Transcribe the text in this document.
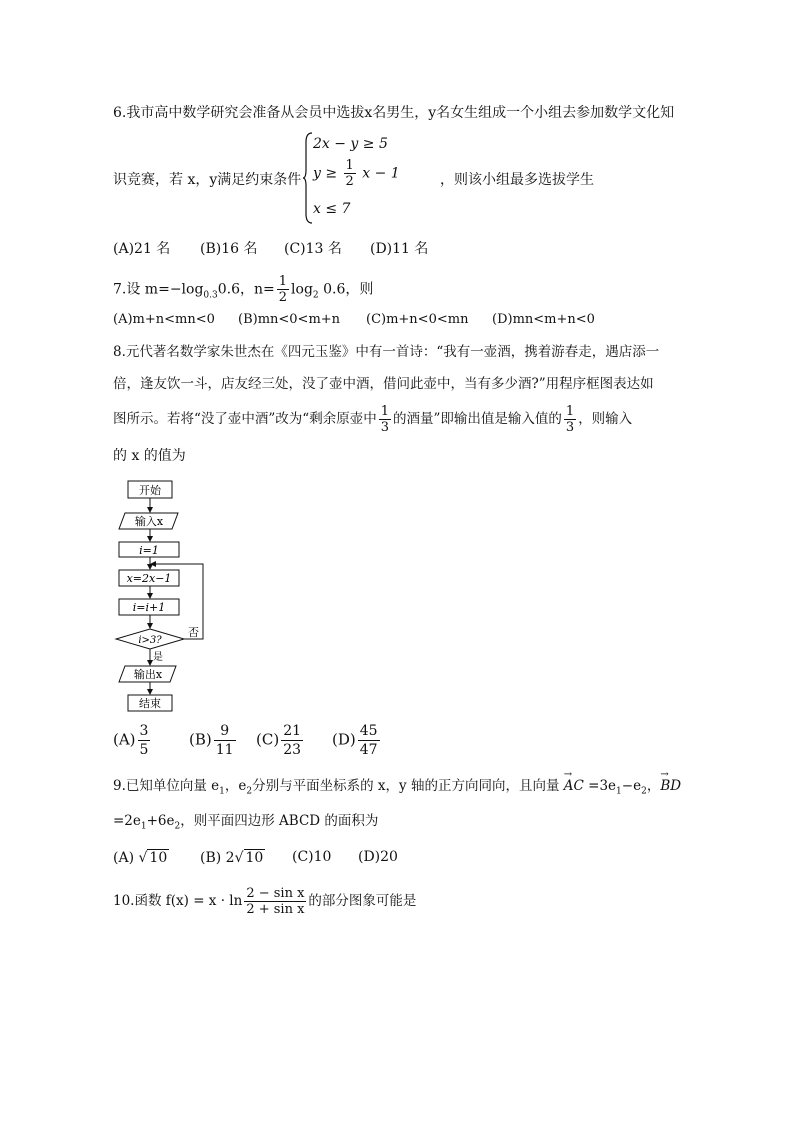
6.我市高中数学研究会准备从会员中选拔x名男生，y名女生组成一个小组去参加数学文化知
2x − y ≥ 5
$y \ge \frac{1}{2}$ x − 1
x ≤ 7
识竞赛，若 x，y满足约束条件	，则该小组最多选拔学生
(A)21 名 (B)16 名 (C)13 名 (D)11 名
7.设 $m=-\log_{0.3}0.6$，$n= \frac{1}{2} \log_2 0.6$，则
(A)m+n<mn<0 (B)mn<0<m+n (C)m+n<0<mn (D)mn<m+n<0
8.元代著名数学家朱世杰在《四元玉鉴》中有一首诗：“我有一壶酒，携着游春走，遇店添一
倍，逢友饮一斗，店友经三处，没了壶中酒，借问此壶中，当有多少酒?”用程序框图表达如
图所示。若将“没了壶中酒”改为“剩余原壶中 $\frac{1}{3}$ 的酒量”即输出值是输入值的 $\frac{1}{3}$ ，则输入
的 x 的值为
开始
输入x
i=1
x=2x−1
i=i+1
i>3?
否
是
输出x
结束
$(A) \frac{3}{5}$	$(B) \frac{9}{11} (C) \frac{21}{23} (D) \frac{45}{47}$
9.已知单位向量 $e_1$，$e_2$分别与平面坐标系的 x，y 轴的正方向同向，且向量 → AC $=3e_1-e_2$，→ BD
$=2e_1+6e_2$，则平面四边形 ABCD 的面积为
(A) √ 10 (B) 2√ 10 (C)10 (D)20
10.函数 $f(x) = x \cdot \ln \frac{\text{2 − sin x}}{\text{2 + sin x}}$ 的部分图象可能是
